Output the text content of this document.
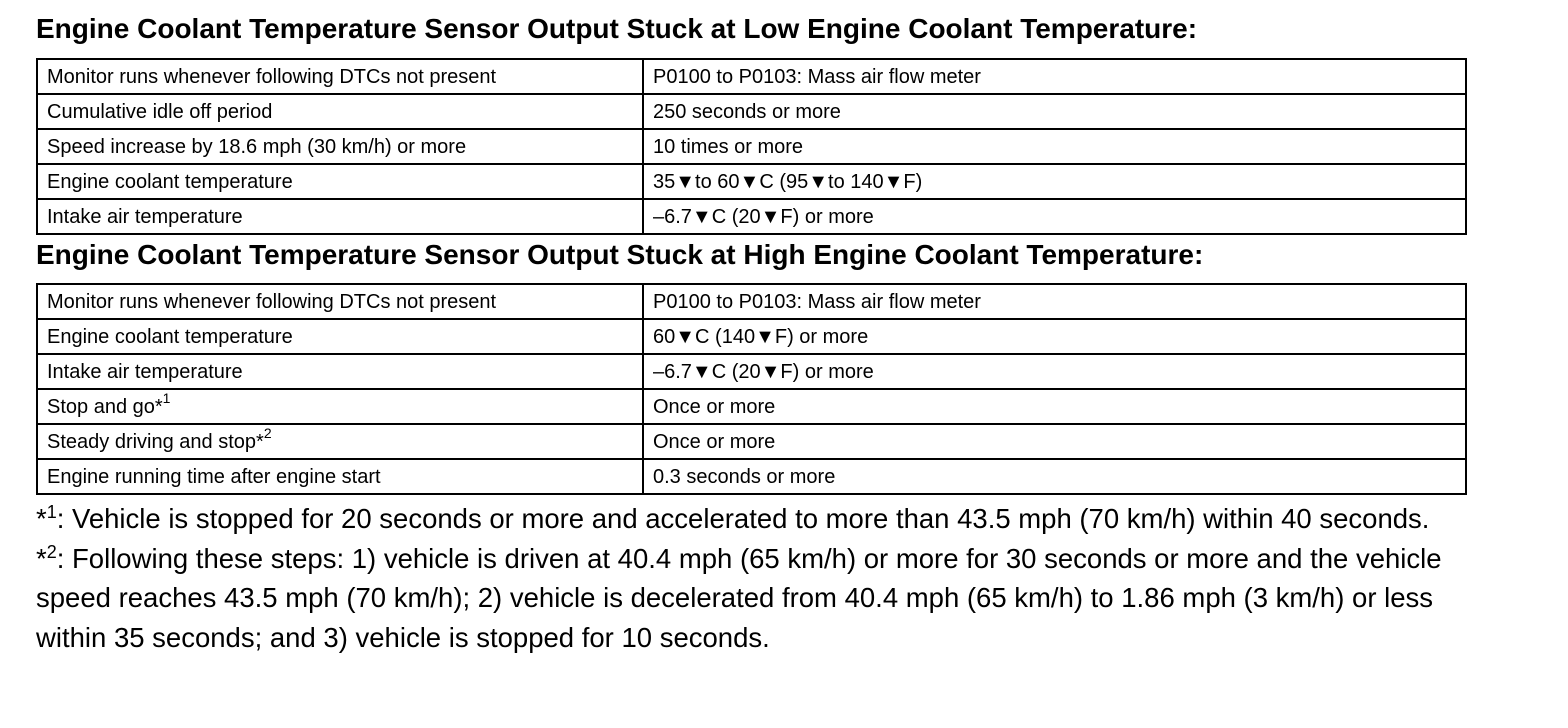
Engine Coolant Temperature Sensor Output Stuck at Low Engine Coolant Temperature:
Monitor runs whenever following DTCs not present	P0100 to P0103: Mass air flow meter
Cumulative idle off period	250 seconds or more
Speed increase by 18.6 mph (30 km/h) or more	10 times or more
Engine coolant temperature	35▼to 60▼C (95▼to 140▼F)
Intake air temperature	–6.7▼C (20▼F) or more
Engine Coolant Temperature Sensor Output Stuck at High Engine Coolant Temperature:
Monitor runs whenever following DTCs not present	P0100 to P0103: Mass air flow meter
Engine coolant temperature	60▼C (140▼F) or more
Intake air temperature	–6.7▼C (20▼F) or more
Stop and go*$^1$	Once or more
Steady driving and stop*$^2$	Once or more
Engine running time after engine start	0.3 seconds or more

*$^1$: Vehicle is stopped for 20 seconds or more and accelerated to more than 43.5 mph (70 km/h) within 40 seconds.

*$^2$: Following these steps: 1) vehicle is driven at 40.4 mph (65 km/h) or more for 30 seconds or more and the vehicle speed reaches 43.5 mph (70 km/h); 2) vehicle is decelerated from 40.4 mph (65 km/h) to 1.86 mph (3 km/h) or less within 35 seconds; and 3) vehicle is stopped for 10 seconds.
